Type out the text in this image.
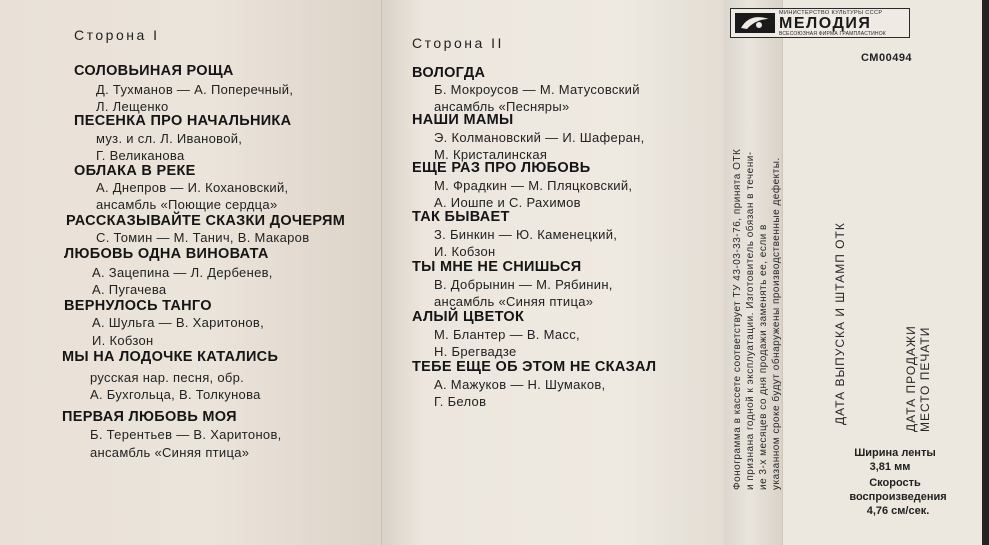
Сторона I
СОЛОВЬИНАЯ РОЩА
Д. Тухманов — А. Поперечный,
Л. Лещенко
ПЕСЕНКА ПРО НАЧАЛЬНИКА
муз. и сл. Л. Ивановой,
Г. Великанова
ОБЛАКА В РЕКЕ
А. Днепров — И. Кохановский,
ансамбль «Поющие сердца»
РАССКАЗЫВАЙТЕ СКАЗКИ ДОЧЕРЯМ
С. Томин — М. Танич, В. Макаров
ЛЮБОВЬ ОДНА ВИНОВАТА
А. Зацепина — Л. Дербенев,
А. Пугачева
ВЕРНУЛОСЬ ТАНГО
А. Шульга — В. Харитонов,
И. Кобзон
МЫ НА ЛОДОЧКЕ КАТАЛИСЬ
русская нар. песня, обр.
А. Бухгольца, В. Толкунова
ПЕРВАЯ ЛЮБОВЬ МОЯ
Б. Терентьев — В. Харитонов,
ансамбль «Синяя птица»
Сторона II
ВОЛОГДА
Б. Мокроусов — М. Матусовский
ансамбль «Песняры»
НАШИ МАМЫ
Э. Колмановский — И. Шаферан,
М. Кристалинская
ЕЩЕ РАЗ ПРО ЛЮБОВЬ
М. Фрадкин — М. Пляцковский,
А. Иошпе и С. Рахимов
ТАК БЫВАЕТ
З. Бинкин — Ю. Каменецкий,
И. Кобзон
ТЫ МНЕ НЕ СНИШЬСЯ
В. Добрынин — М. Рябинин,
ансамбль «Синяя птица»
АЛЫЙ ЦВЕТОК
М. Блантер — В. Масс,
Н. Брегвадзе
ТЕБЕ ЕЩЕ ОБ ЭТОМ НЕ СКАЗАЛ
А. Мажуков — Н. Шумаков,
Г. Белов
МИНИСТЕРСТВО КУЛЬТУРЫ СССР
МЕЛОДИЯ
ВСЕСОЮЗНАЯ ФИРМА ГРАМПЛАСТИНОК
СМ00494
Фонограмма в кассете соответствует ТУ 43-03-33-76, принята ОТК и признана годной к эксплуатации. Изготовитель обязан в течени- ие 3-х месяцев со дня продажи заменять ее, если в указанном сроке будут обнаружены производственные дефекты.	ДАТА ВЫПУСКА И ШТАМП ОТК	ДАТА ПРОДАЖИ МЕСТО ПЕЧАТИ
Ширина ленты
3,81 мм
Скорость
воспроизведения
4,76 см/сек.
